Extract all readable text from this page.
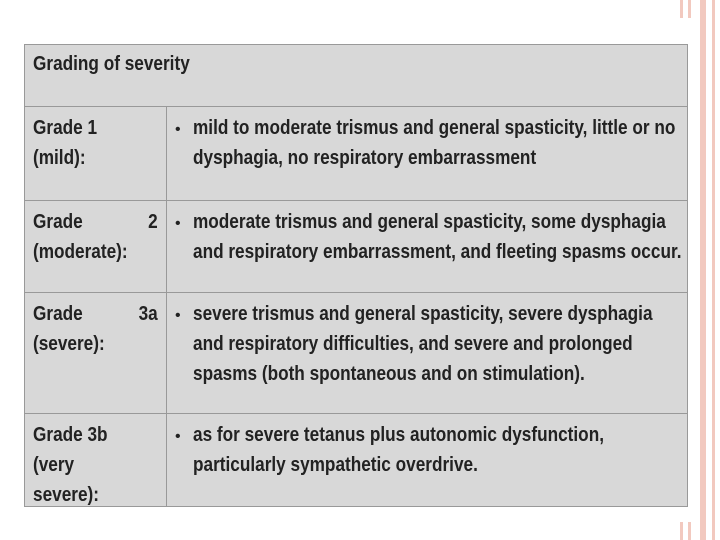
Grading of severity
Grade 1 (mild):
• mild to moderate trismus and general spasticity, little or no
dysphagia, no respiratory embarrassment
Grade	2
(moderate):
• moderate trismus and general spasticity, some dysphagia
and respiratory embarrassment, and fleeting spasms occur.
Grade	3a
(severe):
• severe trismus and general spasticity, severe dysphagia
and respiratory difficulties, and severe and prolonged
spasms (both spontaneous and on stimulation).
Grade 3b (very
severe):
• as for severe tetanus plus autonomic dysfunction,
particularly sympathetic overdrive.
